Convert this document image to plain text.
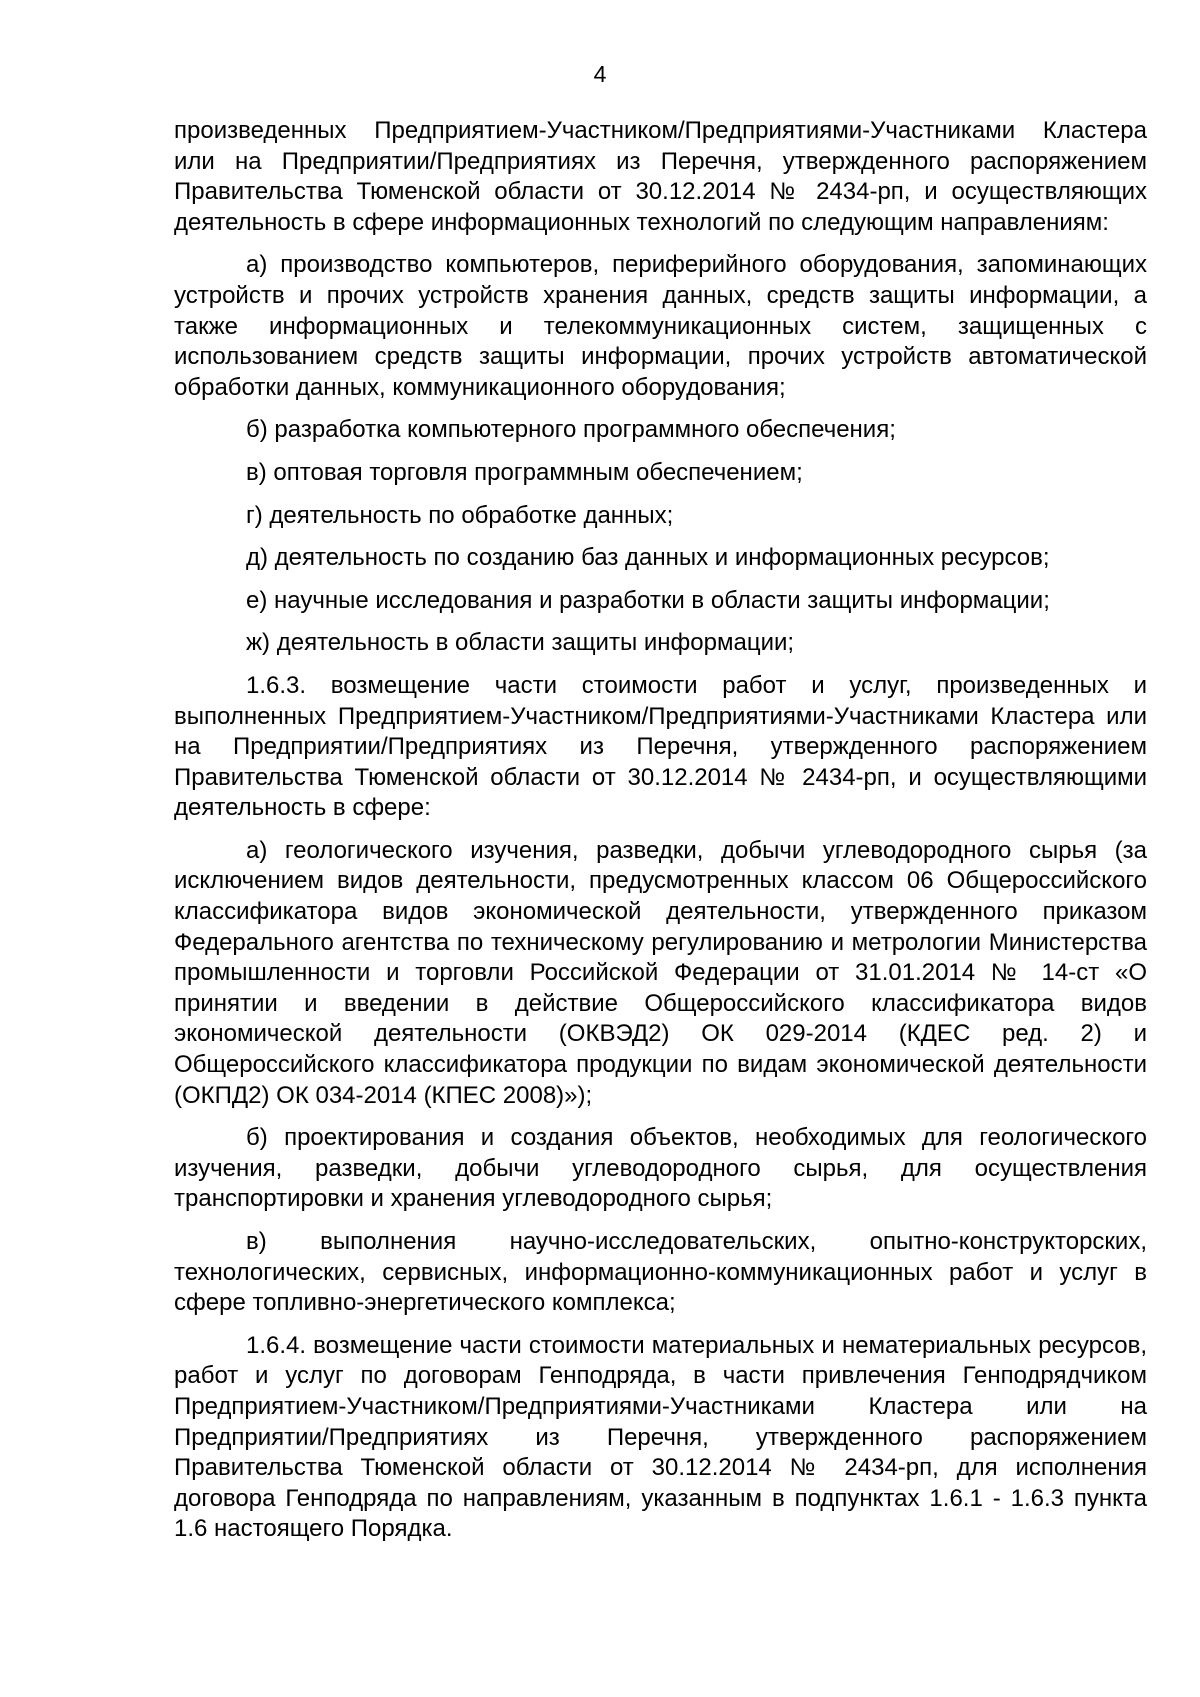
4

произведенных Предприятием-Участником/Предприятиями-Участниками Кластера или на Предприятии/Предприятиях из Перечня, утвержденного распоряжением Правительства Тюменской области от 30.12.2014 № 2434-рп, и осуществляющих деятельность в сфере информационных технологий по следующим направлениям:

а) производство компьютеров, периферийного оборудования, запоминающих устройств и прочих устройств хранения данных, средств защиты информации, а также информационных и телекоммуникационных систем, защищенных с использованием средств защиты информации, прочих устройств автоматической обработки данных, коммуникационного оборудования;

б) разработка компьютерного программного обеспечения;

в) оптовая торговля программным обеспечением;

г) деятельность по обработке данных;

д) деятельность по созданию баз данных и информационных ресурсов;

е) научные исследования и разработки в области защиты информации;

ж) деятельность в области защиты информации;

1.6.3. возмещение части стоимости работ и услуг, произведенных и выполненных Предприятием-Участником/Предприятиями-Участниками Кластера или на Предприятии/Предприятиях из Перечня, утвержденного распоряжением Правительства Тюменской области от 30.12.2014 № 2434-рп, и осуществляющими деятельность в сфере:

а) геологического изучения, разведки, добычи углеводородного сырья (за исключением видов деятельности, предусмотренных классом 06 Общероссийского классификатора видов экономической деятельности, утвержденного приказом Федерального агентства по техническому регулированию и метрологии Министерства промышленности и торговли Российской Федерации от 31.01.2014 № 14-ст «О принятии и введении в действие Общероссийского классификатора видов экономической деятельности (ОКВЭД2) ОК 029-2014 (КДЕС ред. 2) и Общероссийского классификатора продукции по видам экономической деятельности (ОКПД2) ОК 034-2014 (КПЕС 2008)»);

б) проектирования и создания объектов, необходимых для геологического изучения, разведки, добычи углеводородного сырья, для осуществления транспортировки и хранения углеводородного сырья;

в) выполнения научно-исследовательских, опытно-конструкторских, технологических, сервисных, информационно-коммуникационных работ и услуг в сфере топливно-энергетического комплекса;

1.6.4. возмещение части стоимости материальных и нематериальных ресурсов, работ и услуг по договорам Генподряда, в части привлечения Генподрядчиком Предприятием-Участником/Предприятиями-Участниками Кластера или на Предприятии/Предприятиях из Перечня, утвержденного распоряжением Правительства Тюменской области от 30.12.2014 № 2434-рп, для исполнения договора Генподряда по направлениям, указанным в подпунктах 1.6.1 - 1.6.3 пункта 1.6 настоящего Порядка.
